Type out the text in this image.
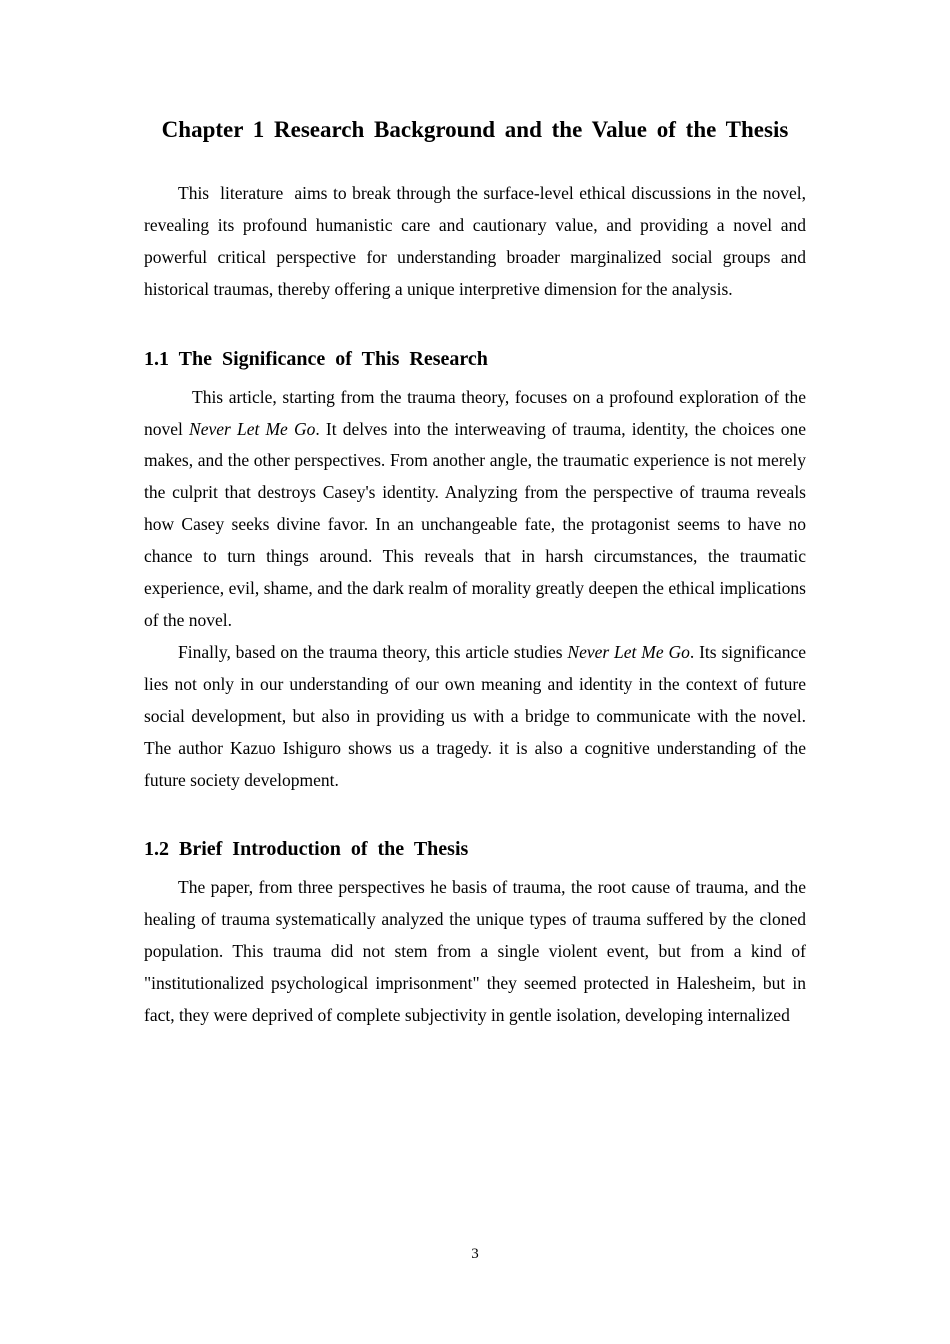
Chapter 1 Research Background and the Value of the Thesis

This  literature  aims to break through the surface-level ethical discussions in the novel, revealing its profound humanistic care and cautionary value, and providing a novel and powerful critical perspective for understanding broader marginalized social groups and historical traumas, thereby offering a unique interpretive dimension for the analysis.

1.1 The Significance of This Research

This article, starting from the trauma theory, focuses on a profound exploration of the novel Never Let Me Go. It delves into the interweaving of trauma, identity, the choices one makes, and the other perspectives. From another angle, the traumatic experience is not merely the culprit that destroys Casey's identity. Analyzing from the perspective of trauma reveals how Casey seeks divine favor. In an unchangeable fate, the protagonist seems to have no chance to turn things around. This reveals that in harsh circumstances, the traumatic experience, evil, shame, and the dark realm of morality greatly deepen the ethical implications of the novel.

Finally, based on the trauma theory, this article studies Never Let Me Go. Its significance lies not only in our understanding of our own meaning and identity in the context of future social development, but also in providing us with a bridge to communicate with the novel. The author Kazuo Ishiguro shows us a tragedy. it is also a cognitive understanding of the future society development.

1.2 Brief Introduction of the Thesis

The paper, from three perspectives he basis of trauma, the root cause of trauma, and the healing of trauma systematically analyzed the unique types of trauma suffered by the cloned population. This trauma did not stem from a single violent event, but from a kind of "institutionalized psychological imprisonment" they seemed protected in Halesheim, but in fact, they were deprived of complete subjectivity in gentle isolation, developing internalized

3
